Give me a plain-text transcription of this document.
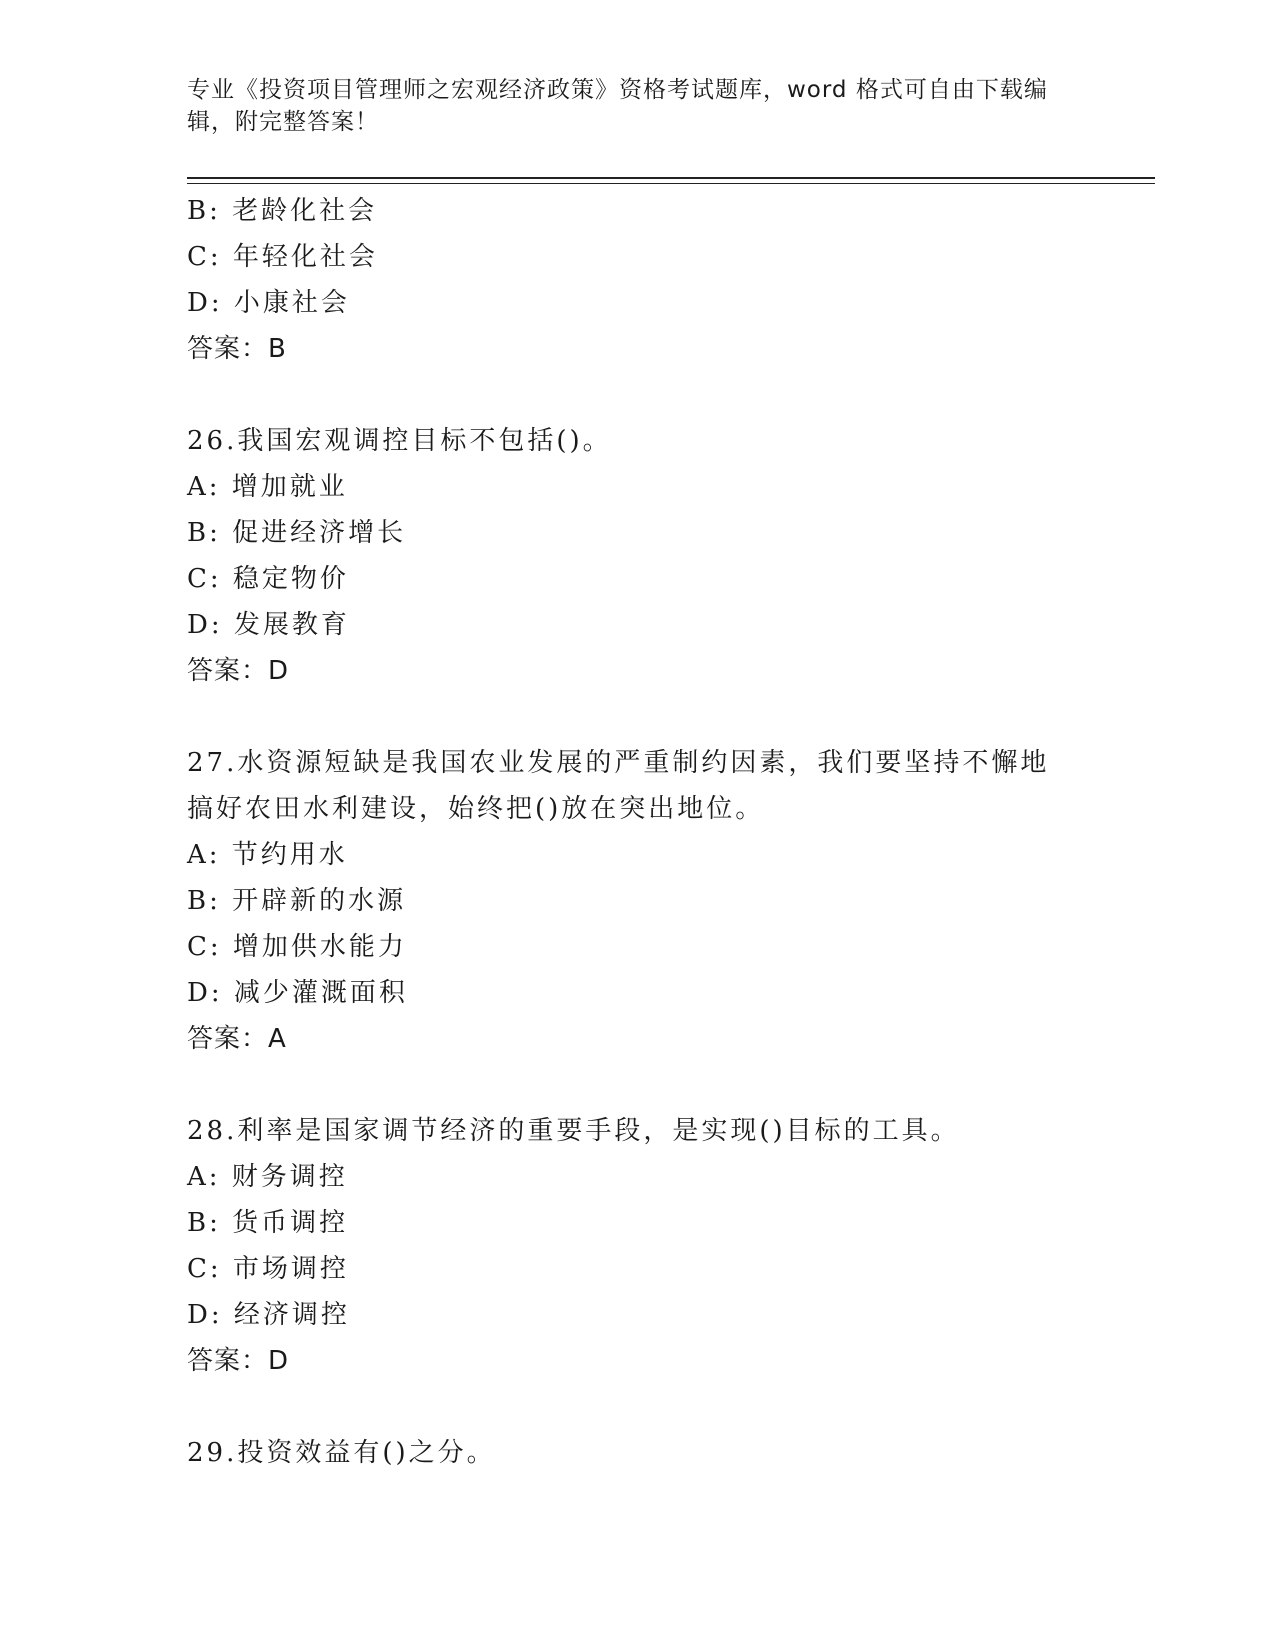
专业《投资项目管理师之宏观经济政策》资格考试题库，word 格式可自由下载编辑，附完整答案！
B: 老龄化社会
C: 年轻化社会
D: 小康社会
答案：B
26.我国宏观调控目标不包括()。
A: 增加就业
B: 促进经济增长
C: 稳定物价
D: 发展教育
答案：D
27.水资源短缺是我国农业发展的严重制约因素，我们要坚持不懈地搞好农田水利建设，始终把()放在突出地位。
A: 节约用水
B: 开辟新的水源
C: 增加供水能力
D: 减少灌溉面积
答案：A
28.利率是国家调节经济的重要手段，是实现()目标的工具。
A: 财务调控
B: 货币调控
C: 市场调控
D: 经济调控
答案：D
29.投资效益有()之分。
